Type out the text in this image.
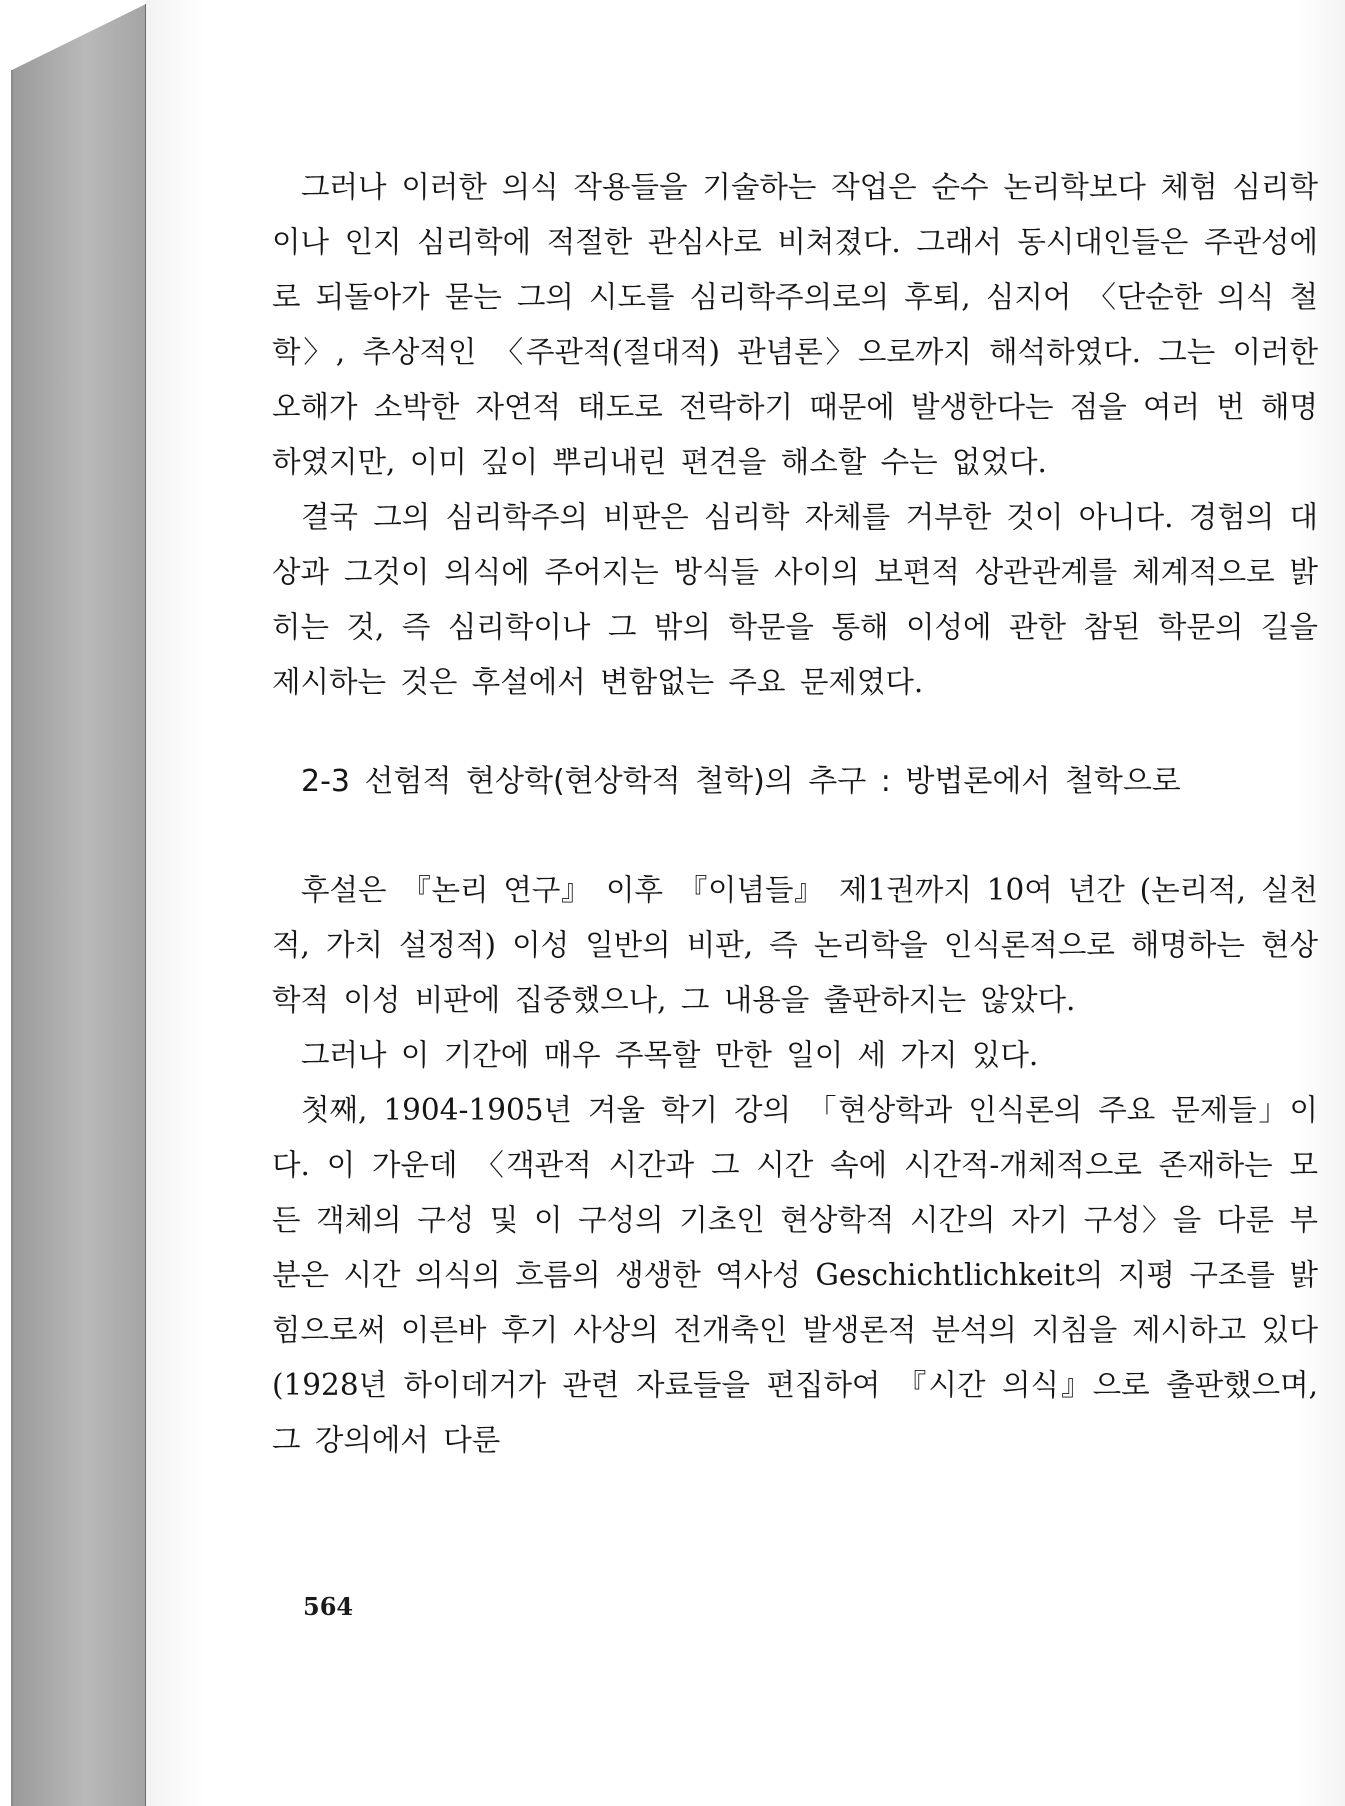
그러나 이러한 의식 작용들을 기술하는 작업은 순수 논리학보다 체험 심리학이나 인지 심리학에 적절한 관심사로 비쳐졌다. 그래서 동시대인들은 주관성에로 되돌아가 묻는 그의 시도를 심리학주의로의 후퇴, 심지어 〈단순한 의식 철학〉, 추상적인 〈주관적(절대적) 관념론〉으로까지 해석하였다. 그는 이러한 오해가 소박한 자연적 태도로 전락하기 때문에 발생한다는 점을 여러 번 해명하였지만, 이미 깊이 뿌리내린 편견을 해소할 수는 없었다.

결국 그의 심리학주의 비판은 심리학 자체를 거부한 것이 아니다. 경험의 대상과 그것이 의식에 주어지는 방식들 사이의 보편적 상관관계를 체계적으로 밝히는 것, 즉 심리학이나 그 밖의 학문을 통해 이성에 관한 참된 학문의 길을 제시하는 것은 후설에서 변함없는 주요 문제였다.

2-3 선험적 현상학(현상학적 철학)의 추구 : 방법론에서 철학으로

후설은 『논리 연구』 이후 『이념들』 제1권까지 10여 년간 (논리적, 실천적, 가치 설정적) 이성 일반의 비판, 즉 논리학을 인식론적으로 해명하는 현상학적 이성 비판에 집중했으나, 그 내용을 출판하지는 않았다.

그러나 이 기간에 매우 주목할 만한 일이 세 가지 있다.

첫째, 1904-1905년 겨울 학기 강의 「현상학과 인식론의 주요 문제들」이다. 이 가운데 〈객관적 시간과 그 시간 속에 시간적-개체적으로 존재하는 모든 객체의 구성 및 이 구성의 기초인 현상학적 시간의 자기 구성〉을 다룬 부분은 시간 의식의 흐름의 생생한 역사성 Geschichtlichkeit의 지평 구조를 밝힘으로써 이른바 후기 사상의 전개축인 발생론적 분석의 지침을 제시하고 있다(1928년 하이데거가 관련 자료들을 편집하여 『시간 의식』으로 출판했으며, 그 강의에서 다룬

564
